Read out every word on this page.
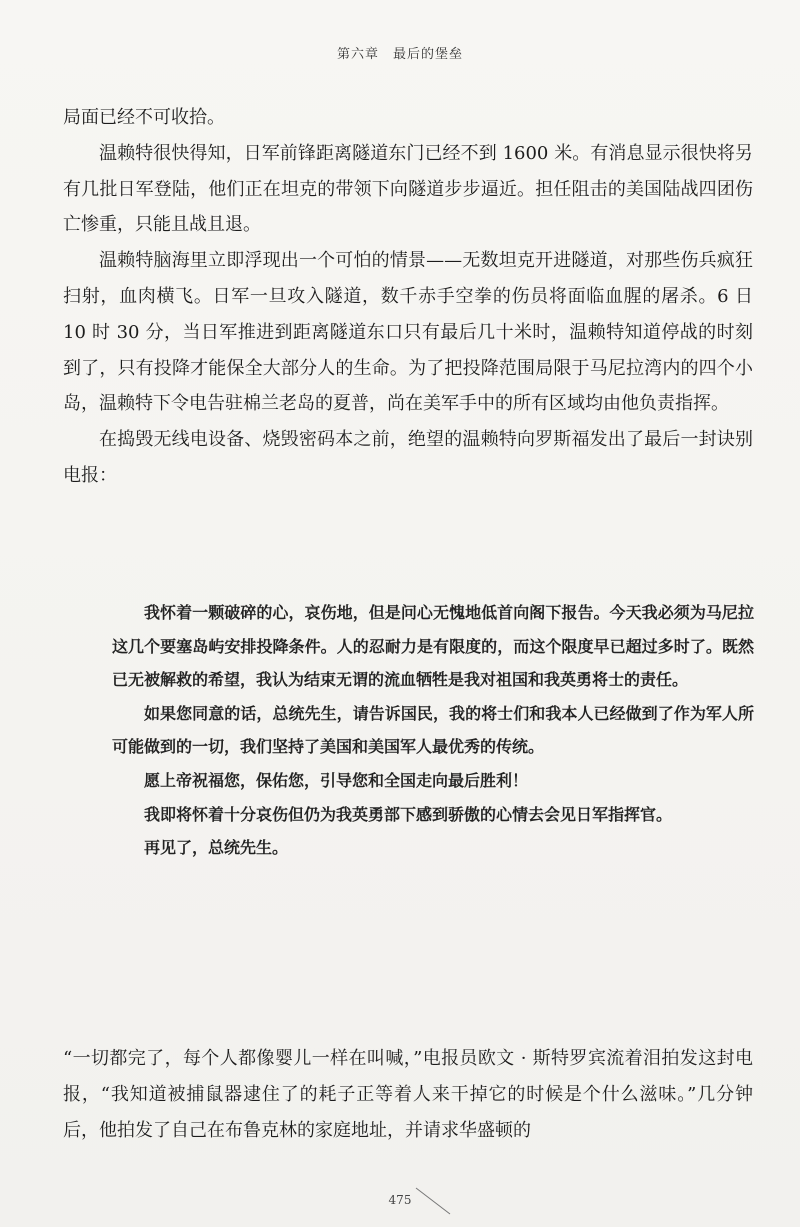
第六章　最后的堡垒

局面已经不可收拾。

温赖特很快得知，日军前锋距离隧道东门已经不到 1600 米。有消息显示很快将另有几批日军登陆，他们正在坦克的带领下向隧道步步逼近。担任阻击的美国陆战四团伤亡惨重，只能且战且退。

温赖特脑海里立即浮现出一个可怕的情景——无数坦克开进隧道，对那些伤兵疯狂扫射，血肉横飞。日军一旦攻入隧道，数千赤手空拳的伤员将面临血腥的屠杀。6 日 10 时 30 分，当日军推进到距离隧道东口只有最后几十米时，温赖特知道停战的时刻到了，只有投降才能保全大部分人的生命。为了把投降范围局限于马尼拉湾内的四个小岛，温赖特下令电告驻棉兰老岛的夏普，尚在美军手中的所有区域均由他负责指挥。

在捣毁无线电设备、烧毁密码本之前，绝望的温赖特向罗斯福发出了最后一封诀别电报：

我怀着一颗破碎的心，哀伤地，但是问心无愧地低首向阁下报告。今天我必须为马尼拉这几个要塞岛屿安排投降条件。人的忍耐力是有限度的，而这个限度早已超过多时了。既然已无被解救的希望，我认为结束无谓的流血牺牲是我对祖国和我英勇将士的责任。

如果您同意的话，总统先生，请告诉国民，我的将士们和我本人已经做到了作为军人所可能做到的一切，我们坚持了美国和美国军人最优秀的传统。

愿上帝祝福您，保佑您，引导您和全国走向最后胜利！

我即将怀着十分哀伤但仍为我英勇部下感到骄傲的心情去会见日军指挥官。

再见了，总统先生。

“一切都完了，每个人都像婴儿一样在叫喊，”电报员欧文 · 斯特罗宾流着泪拍发这封电报，“我知道被捕鼠器逮住了的耗子正等着人来干掉它的时候是个什么滋味。”几分钟后，他拍发了自己在布鲁克林的家庭地址，并请求华盛顿的

475
